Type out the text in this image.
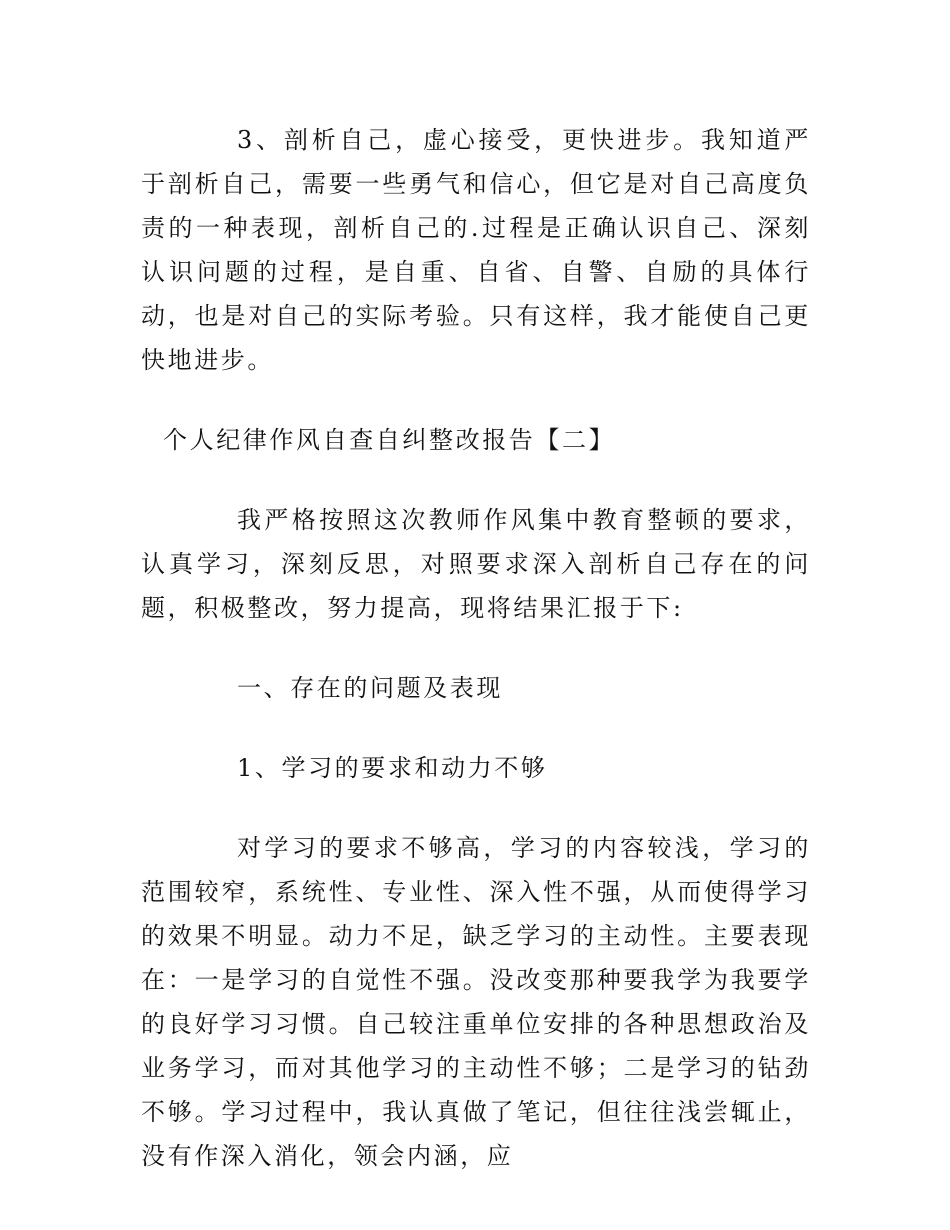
3、剖析自己，虚心接受，更快进步。我知道严于剖析自己，需要一些勇气和信心，但它是对自己高度负责的一种表现，剖析自己的.过程是正确认识自己、深刻认识问题的过程，是自重、自省、自警、自励的具体行动，也是对自己的实际考验。只有这样，我才能使自己更快地进步。

个人纪律作风自查自纠整改报告【二】

我严格按照这次教师作风集中教育整顿的要求，认真学习，深刻反思，对照要求深入剖析自己存在的问题，积极整改，努力提高，现将结果汇报于下:

一、存在的问题及表现

1、学习的要求和动力不够

对学习的要求不够高，学习的内容较浅，学习的范围较窄，系统性、专业性、深入性不强，从而使得学习的效果不明显。动力不足，缺乏学习的主动性。主要表现在：一是学习的自觉性不强。没改变那种要我学为我要学的良好学习习惯。自己较注重单位安排的各种思想政治及业务学习，而对其他学习的主动性不够；二是学习的钻劲不够。学习过程中，我认真做了笔记，但往往浅尝辄止，没有作深入消化，领会内涵，应
